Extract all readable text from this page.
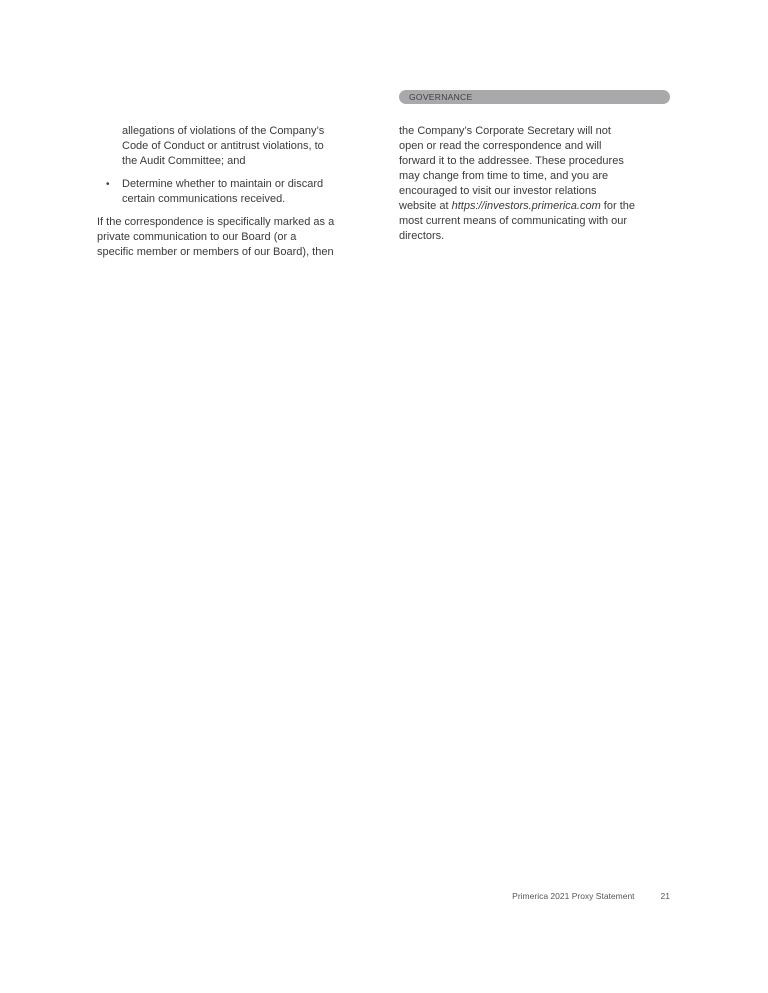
GOVERNANCE
allegations of violations of the Company’s
Code of Conduct or antitrust violations, to
the Audit Committee; and
• Determine whether to maintain or discard
certain communications received.
If the correspondence is specifically marked as a
private communication to our Board (or a
specific member or members of our Board), then
the Company’s Corporate Secretary will not
open or read the correspondence and will
forward it to the addressee. These procedures
may change from time to time, and you are
encouraged to visit our investor relations
website at https://investors.primerica.com for the
most current means of communicating with our
directors.
Primerica 2021 Proxy Statement	21
